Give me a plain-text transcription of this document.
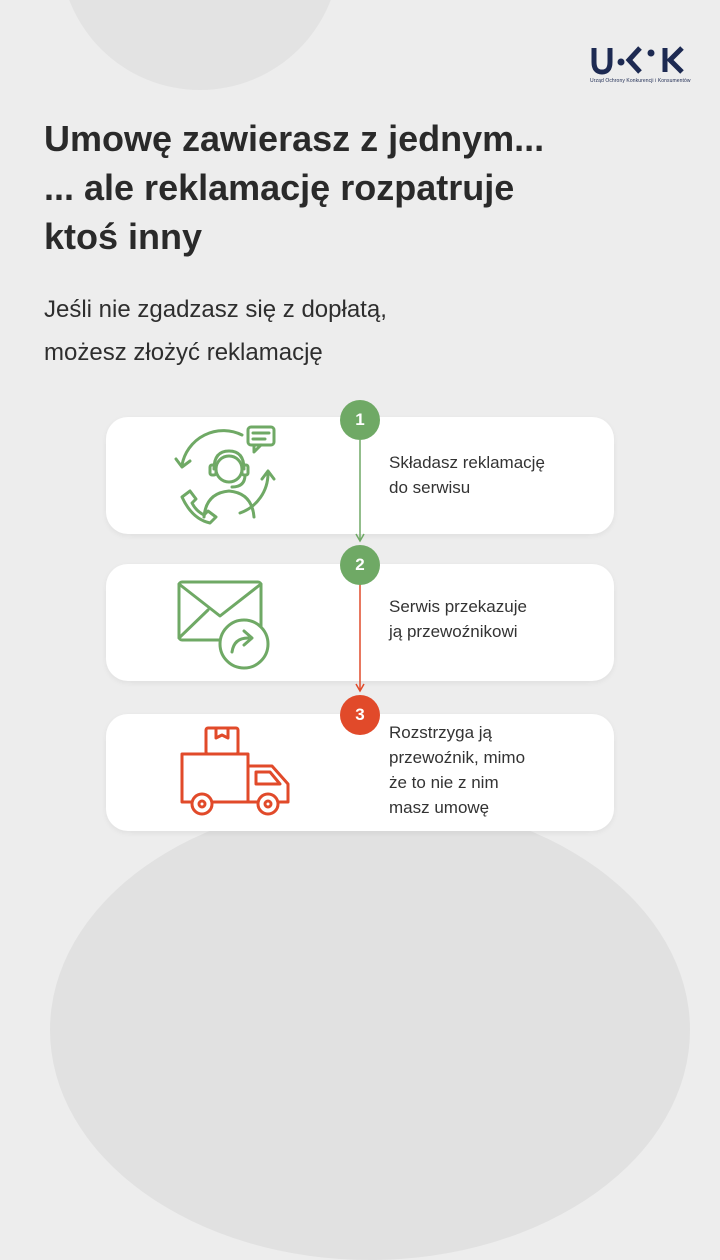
Urząd Ochrony Konkurencji i Konsumentów
Umowę zawierasz z jednym...
... ale reklamację rozpatruje
ktoś inny
Jeśli nie zgadzasz się z dopłatą,
możesz złożyć reklamację
Składasz reklamację
do serwisu
Serwis przekazuje
ją przewoźnikowi
Rozstrzyga ją
przewoźnik, mimo
że to nie z nim
masz umowę
1
2
3
